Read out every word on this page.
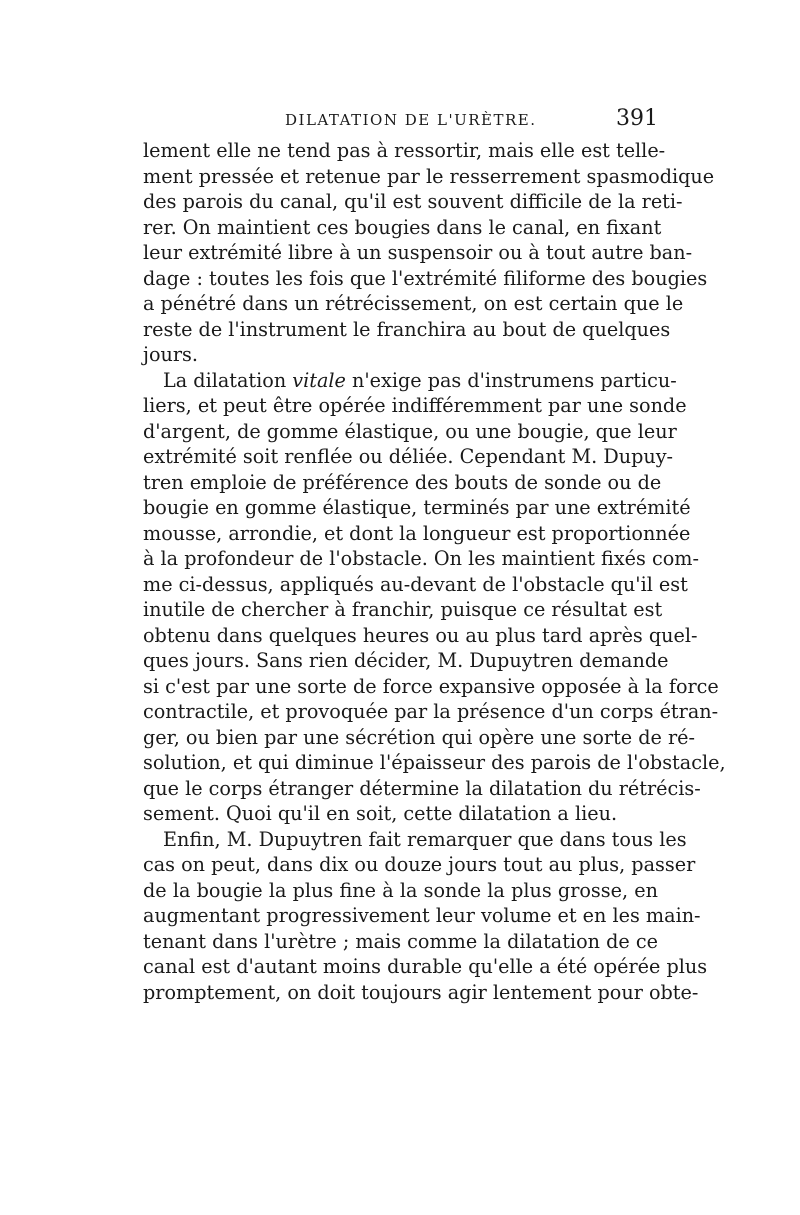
DILATATION DE L'URÈTRE.	391

lement elle ne tend pas à ressortir, mais elle est telle-
ment pressée et retenue par le resserrement spasmodique
des parois du canal, qu'il est souvent difficile de la reti-
rer. On maintient ces bougies dans le canal, en fixant
leur extrémité libre à un suspensoir ou à tout autre ban-
dage : toutes les fois que l'extrémité filiforme des bougies
a pénétré dans un rétrécissement, on est certain que le
reste de l'instrument le franchira au bout de quelques
jours.

La dilatation vitale n'exige pas d'instrumens particu-
liers, et peut être opérée indifféremment par une sonde
d'argent, de gomme élastique, ou une bougie, que leur
extrémité soit renflée ou déliée. Cependant M. Dupuy-
tren emploie de préférence des bouts de sonde ou de
bougie en gomme élastique, terminés par une extrémité
mousse, arrondie, et dont la longueur est proportionnée
à la profondeur de l'obstacle. On les maintient fixés com-
me ci-dessus, appliqués au-devant de l'obstacle qu'il est
inutile de chercher à franchir, puisque ce résultat est
obtenu dans quelques heures ou au plus tard après quel-
ques jours. Sans rien décider, M. Dupuytren demande
si c'est par une sorte de force expansive opposée à la force
contractile, et provoquée par la présence d'un corps étran-
ger, ou bien par une sécrétion qui opère une sorte de ré-
solution, et qui diminue l'épaisseur des parois de l'obstacle,
que le corps étranger détermine la dilatation du rétrécis-
sement. Quoi qu'il en soit, cette dilatation a lieu.

Enfin, M. Dupuytren fait remarquer que dans tous les
cas on peut, dans dix ou douze jours tout au plus, passer
de la bougie la plus fine à la sonde la plus grosse, en
augmentant progressivement leur volume et en les main-
tenant dans l'urètre ; mais comme la dilatation de ce
canal est d'autant moins durable qu'elle a été opérée plus
promptement, on doit toujours agir lentement pour obte-
